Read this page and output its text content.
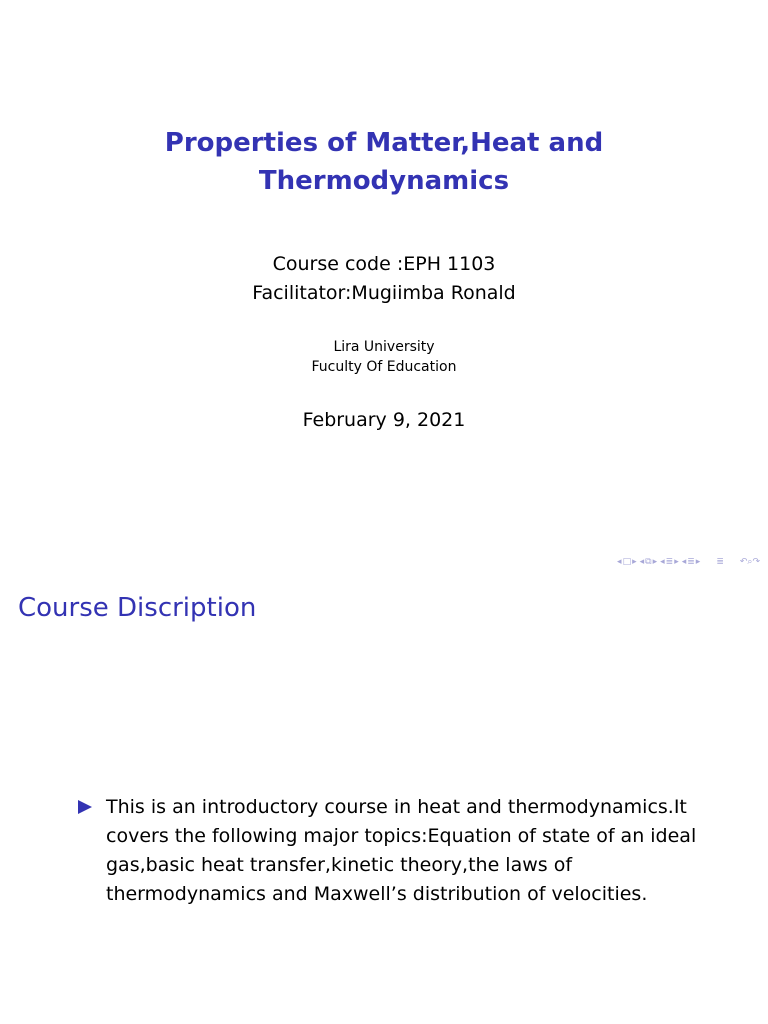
Properties of Matter,Heat and
Thermodynamics
Course code :EPH 1103
Facilitator:Mugiimba Ronald
Lira University
Fuculty Of Education
February 9, 2021
◂ □ ▸ ◂ ⧉ ▸ ◂ ≣ ▸ ◂ ≣ ▸ ≣ ↶⌕↷
Course Discription
This is an introductory course in heat and thermodynamics.It covers the following major topics:Equation of state of an ideal gas,basic heat transfer,kinetic theory,the laws of thermodynamics and Maxwell’s distribution of velocities.
